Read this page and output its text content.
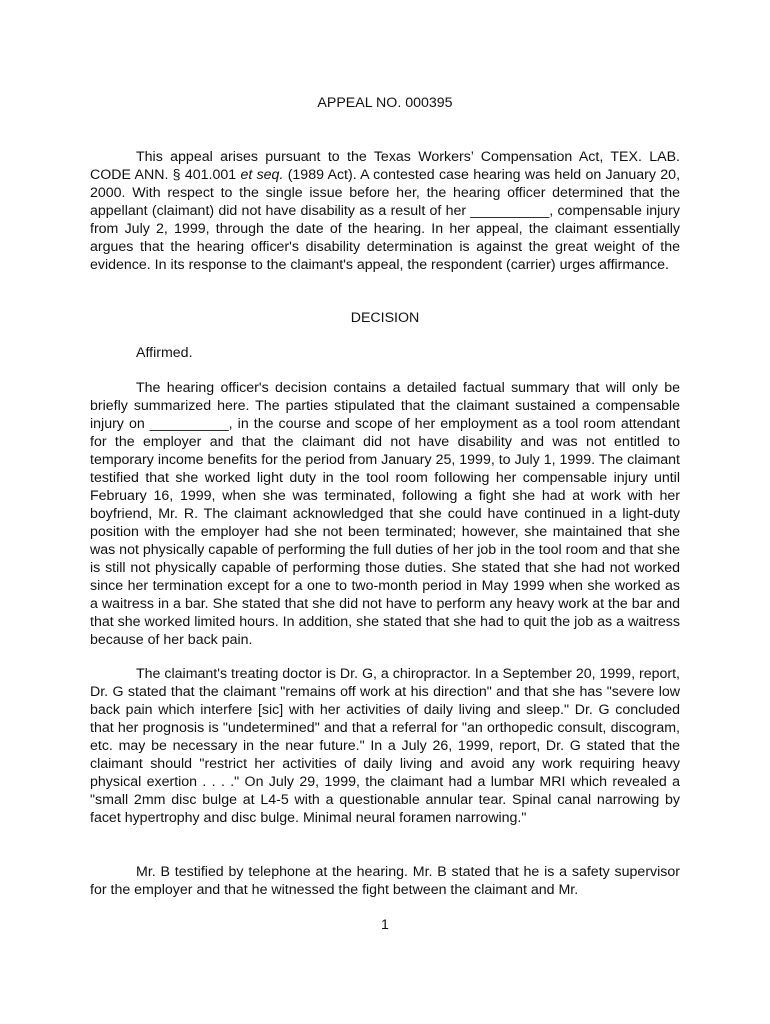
APPEAL NO. 000395

This appeal arises pursuant to the Texas Workers’ Compensation Act, TEX. LAB. CODE ANN. § 401.001 et seq. (1989 Act). A contested case hearing was held on January 20, 2000. With respect to the single issue before her, the hearing officer determined that the appellant (claimant) did not have disability as a result of her __________, compensable injury from July 2, 1999, through the date of the hearing. In her appeal, the claimant essentially argues that the hearing officer's disability determination is against the great weight of the evidence. In its response to the claimant's appeal, the respondent (carrier) urges affirmance.

DECISION
Affirmed.

The hearing officer's decision contains a detailed factual summary that will only be briefly summarized here. The parties stipulated that the claimant sustained a compensable injury on __________, in the course and scope of her employment as a tool room attendant for the employer and that the claimant did not have disability and was not entitled to temporary income benefits for the period from January 25, 1999, to July 1, 1999. The claimant testified that she worked light duty in the tool room following her compensable injury until February 16, 1999, when she was terminated, following a fight she had at work with her boyfriend, Mr. R. The claimant acknowledged that she could have continued in a light-duty position with the employer had she not been terminated; however, she maintained that she was not physically capable of performing the full duties of her job in the tool room and that she is still not physically capable of performing those duties. She stated that she had not worked since her termination except for a one to two-month period in May 1999 when she worked as a waitress in a bar. She stated that she did not have to perform any heavy work at the bar and that she worked limited hours. In addition, she stated that she had to quit the job as a waitress because of her back pain.

The claimant's treating doctor is Dr. G, a chiropractor. In a September 20, 1999, report, Dr. G stated that the claimant "remains off work at his direction" and that she has "severe low back pain which interfere [sic] with her activities of daily living and sleep." Dr. G concluded that her prognosis is "undetermined" and that a referral for "an orthopedic consult, discogram, etc. may be necessary in the near future." In a July 26, 1999, report, Dr. G stated that the claimant should "restrict her activities of daily living and avoid any work requiring heavy physical exertion . . . ." On July 29, 1999, the claimant had a lumbar MRI which revealed a "small 2mm disc bulge at L4-5 with a questionable annular tear. Spinal canal narrowing by facet hypertrophy and disc bulge. Minimal neural foramen narrowing."

Mr. B testified by telephone at the hearing. Mr. B stated that he is a safety supervisor for the employer and that he witnessed the fight between the claimant and Mr.

1
